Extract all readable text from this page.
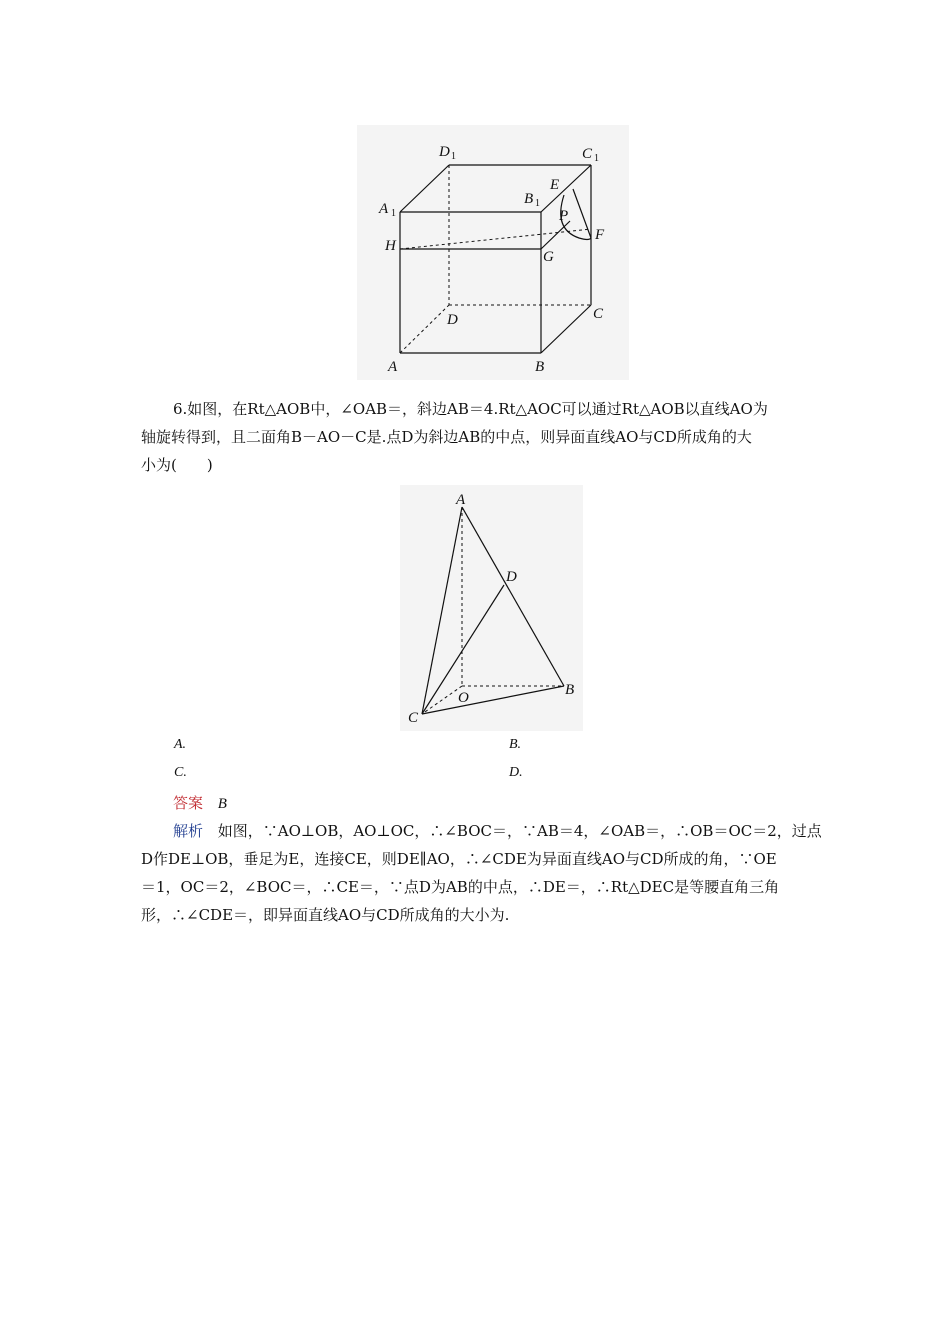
D 1	C 1
A 1
B 1
E
P
F
H
G
D	C
A	B
6.如图，在Rt△AOB中，∠OAB＝，斜边AB＝4.Rt△AOC可以通过Rt△AOB以直线AO为
轴旋转得到，且二面角B－AO－C是.点D为斜边AB的中点，则异面直线AO与CD所成角的大
小为(　　)
A
D
O	B
C
A.	B.
C.	D.
答案 B
解析 如图，∵AO⊥OB，AO⊥OC，∴∠BOC＝，∵AB＝4，∠OAB＝，∴OB＝OC＝2，过点
D作DE⊥OB，垂足为E，连接CE，则DE∥AO，∴∠CDE为异面直线AO与CD所成的角，∵OE
＝1，OC＝2，∠BOC＝，∴CE＝，∵点D为AB的中点，∴DE＝，∴Rt△DEC是等腰直角三角
形，∴∠CDE＝，即异面直线AO与CD所成角的大小为.
